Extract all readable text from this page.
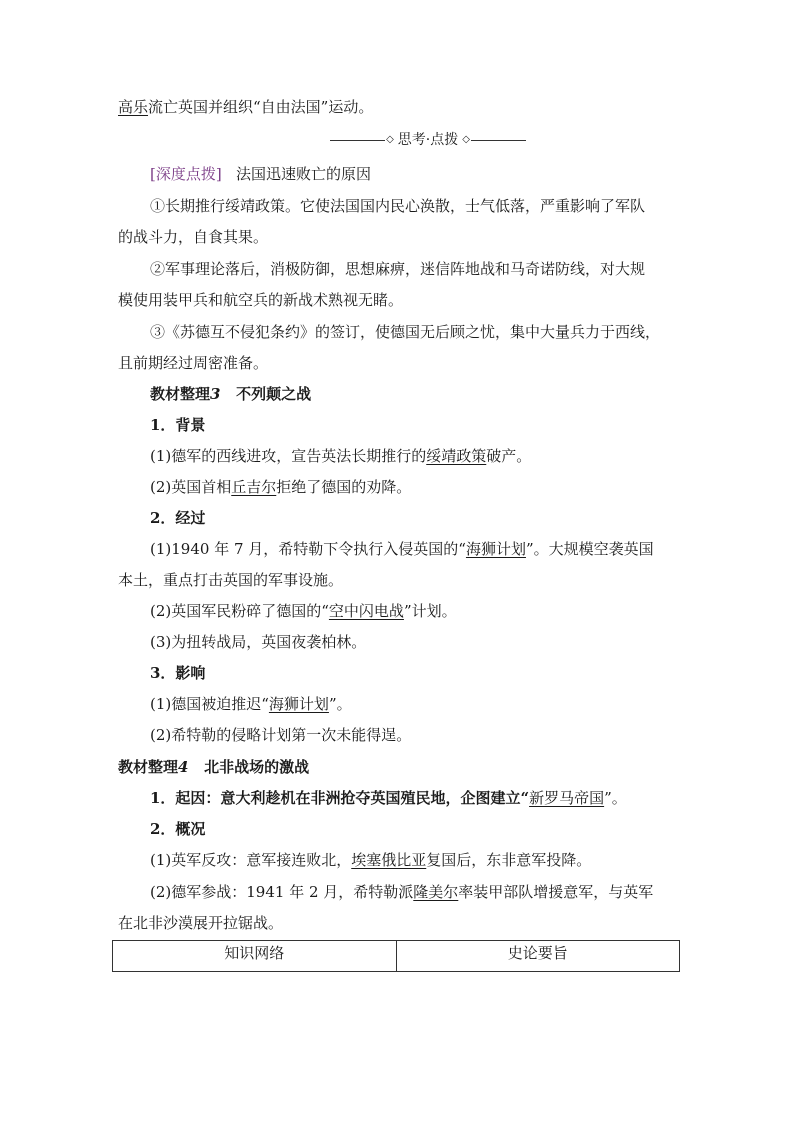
高乐流亡英国并组织“自由法国”运动。
◇ 思考·点拨 ◇
[深度点拨] 法国迅速败亡的原因
①长期推行绥靖政策。它使法国国内民心涣散，士气低落，严重影响了军队
的战斗力，自食其果。
②军事理论落后，消极防御，思想麻痹，迷信阵地战和马奇诺防线，对大规
模使用装甲兵和航空兵的新战术熟视无睹。
③《苏德互不侵犯条约》的签订，使德国无后顾之忧，集中大量兵力于西线，
且前期经过周密准备。
教材整理3 不列颠之战
1．背景
(1)德军的西线进攻，宣告英法长期推行的绥靖政策破产。
(2)英国首相丘吉尔拒绝了德国的劝降。
2．经过
(1)1940 年 7 月，希特勒下令执行入侵英国的“海狮计划”。大规模空袭英国
本土，重点打击英国的军事设施。
(2)英国军民粉碎了德国的“空中闪电战”计划。
(3)为扭转战局，英国夜袭柏林。
3．影响
(1)德国被迫推迟“海狮计划”。
(2)希特勒的侵略计划第一次未能得逞。
教材整理4 北非战场的激战
1．起因：意大利趁机在非洲抢夺英国殖民地，企图建立“新罗马帝国”。
2．概况
(1)英军反攻：意军接连败北，埃塞俄比亚复国后，东非意军投降。
(2)德军参战：1941 年 2 月，希特勒派隆美尔率装甲部队增援意军，与英军
在北非沙漠展开拉锯战。
知识网络	史论要旨
